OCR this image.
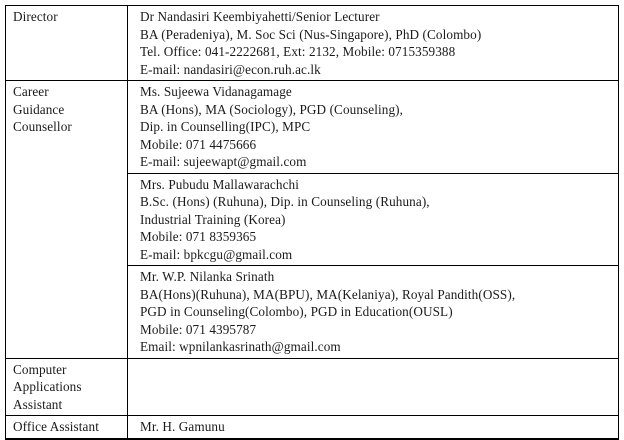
Director	Dr Nandasiri Keembiyahetti/Senior Lecturer
BA (Peradeniya), M. Soc Sci (Nus-Singapore), PhD (Colombo)
Tel. Office: 041-2222681, Ext: 2132, Mobile: 0715359388
E-mail: nandasiri@econ.ruh.ac.lk
Career
Guidance
Counsellor
Ms. Sujeewa Vidanagamage
BA (Hons), MA (Sociology), PGD (Counseling),
Dip. in Counselling(IPC), MPC
Mobile: 071 4475666
E-mail: sujeewapt@gmail.com
Mrs. Pubudu Mallawarachchi
B.Sc. (Hons) (Ruhuna), Dip. in Counseling (Ruhuna),
Industrial Training (Korea)
Mobile: 071 8359365
E-mail: bpkcgu@gmail.com
Mr. W.P. Nilanka Srinath
BA(Hons)(Ruhuna), MA(BPU), MA(Kelaniya), Royal Pandith(OSS),
PGD in Counseling(Colombo), PGD in Education(OUSL)
Mobile: 071 4395787
Email: wpnilankasrinath@gmail.com
Computer
Applications
Assistant
Office Assistant	Mr. H. Gamunu
